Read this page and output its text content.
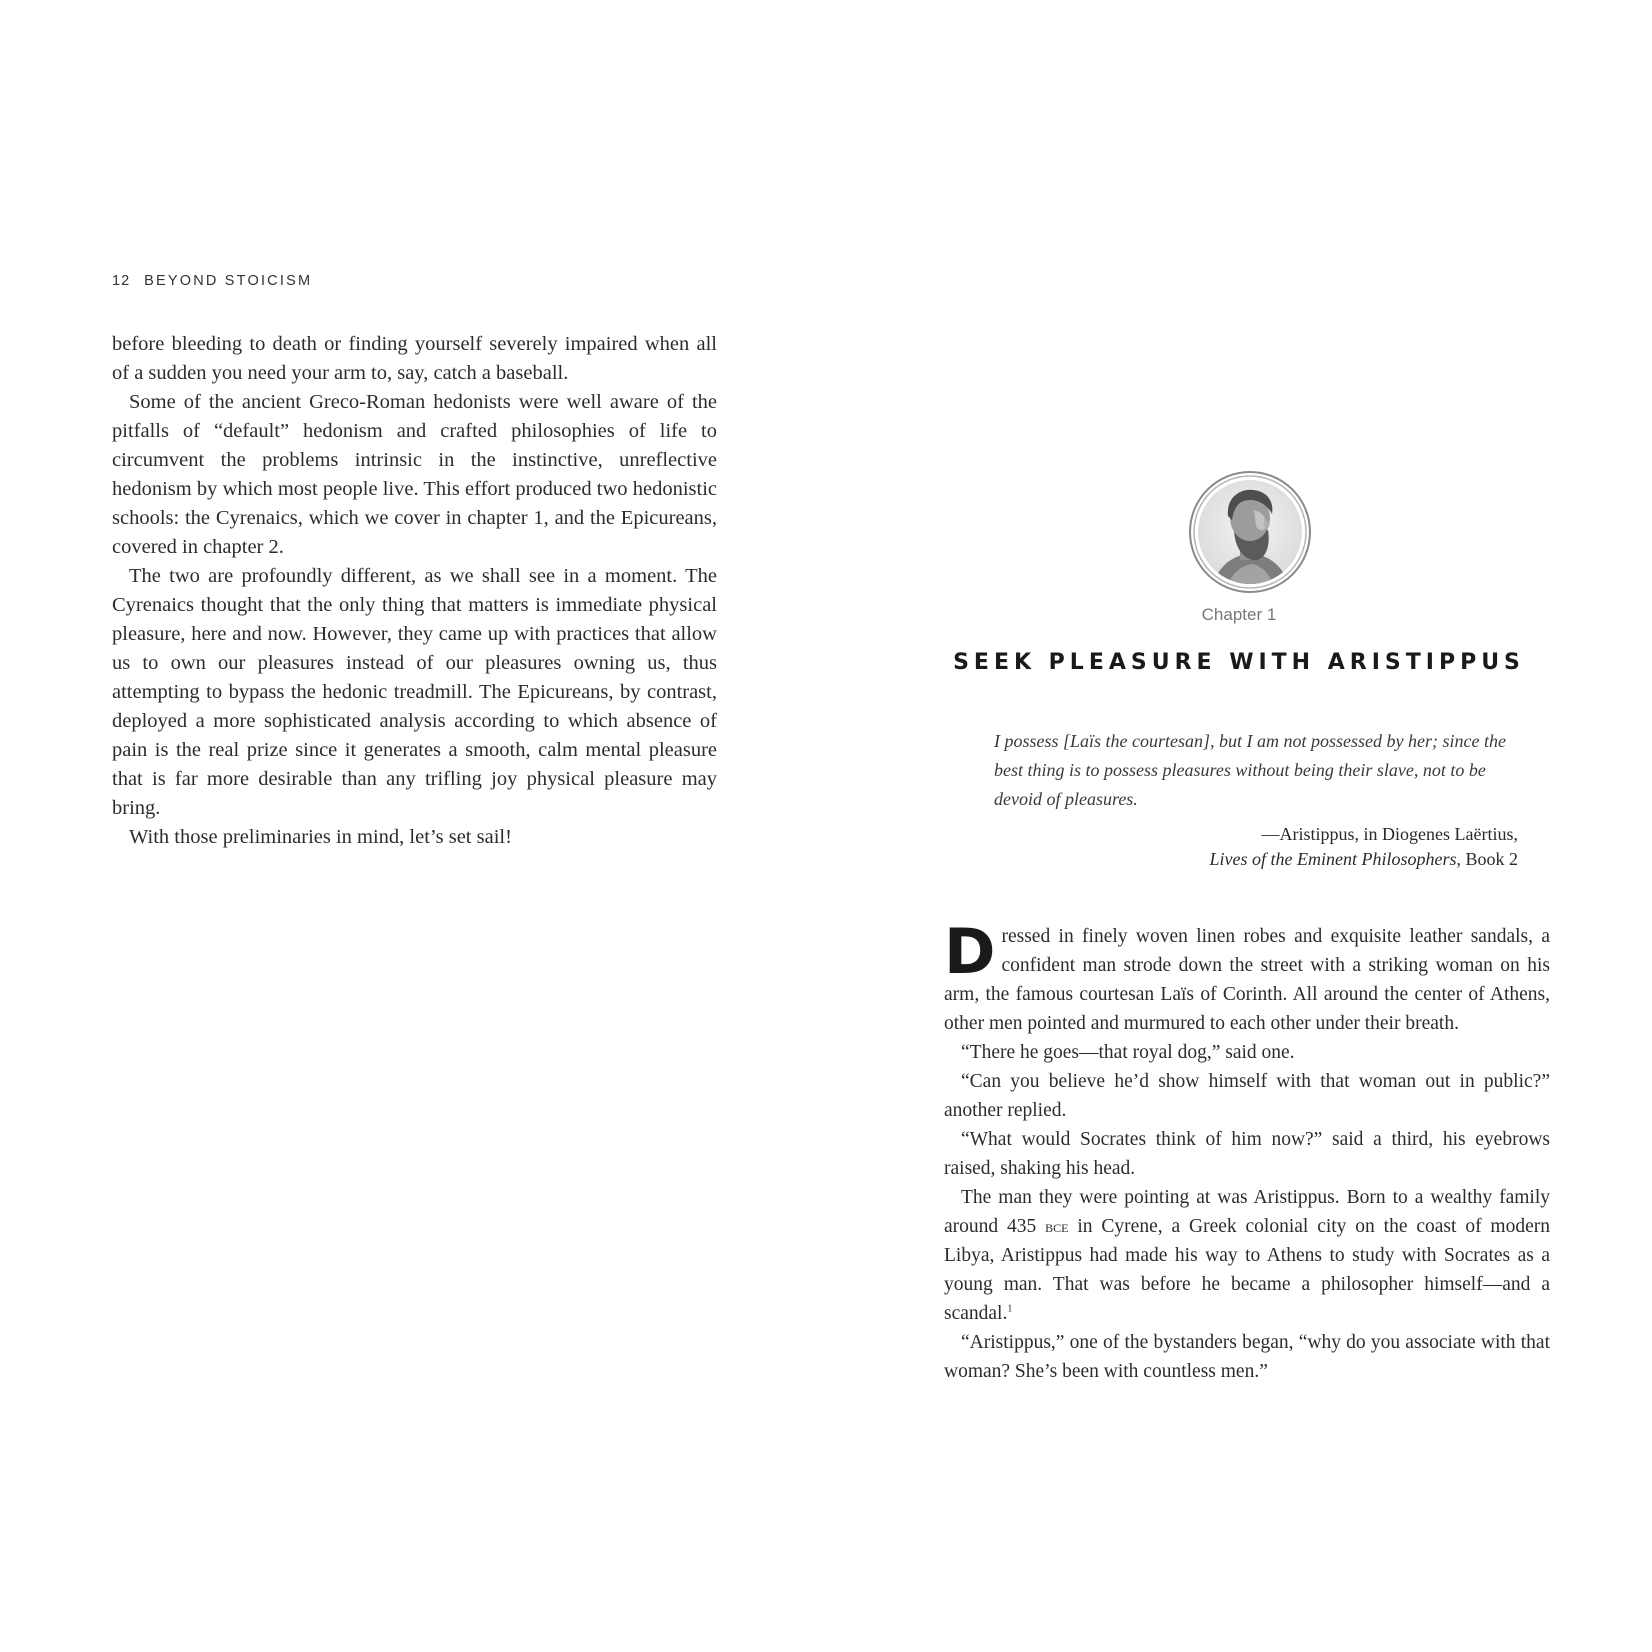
12 BEYOND STOICISM

before bleeding to death or finding yourself severely impaired when all of a sudden you need your arm to, say, catch a baseball.

Some of the ancient Greco-Roman hedonists were well aware of the pitfalls of “default” hedonism and crafted philosophies of life to circumvent the problems intrinsic in the instinctive, unreflective hedonism by which most people live. This effort produced two hedonistic schools: the Cyrenaics, which we cover in chapter 1, and the Epicureans, covered in chapter 2.

The two are profoundly different, as we shall see in a moment. The Cyrenaics thought that the only thing that matters is immediate physical pleasure, here and now. However, they came up with practices that allow us to own our pleasures instead of our pleasures owning us, thus attempting to bypass the hedonic treadmill. The Epicureans, by contrast, deployed a more sophisticated analysis according to which absence of pain is the real prize since it generates a smooth, calm mental pleasure that is far more desirable than any trifling joy physical pleasure may bring.

With those preliminaries in mind, let’s set sail!

Chapter 1
SEEK PLEASURE WITH ARISTIPPUS

I possess [Laïs the courtesan], but I am not possessed by her; since the best thing is to possess pleasures without being their slave, not to be devoid of pleasures.

—Aristippus, in Diogenes Laërtius,
Lives of the Eminent Philosophers, Book 2

Dressed in finely woven linen robes and exquisite leather sandals, a confident man strode down the street with a striking woman on his arm, the famous courtesan Laïs of Corinth. All around the center of Athens, other men pointed and murmured to each other under their breath.

“There he goes—that royal dog,” said one.

“Can you believe he’d show himself with that woman out in public?” another replied.

“What would Socrates think of him now?” said a third, his eyebrows raised, shaking his head.

The man they were pointing at was Aristippus. Born to a wealthy family around 435 bce in Cyrene, a Greek colonial city on the coast of modern Libya, Aristippus had made his way to Athens to study with Socrates as a young man. That was before he became a philosopher himself—and a scandal.$^1$

“Aristippus,” one of the bystanders began, “why do you associate with that woman? She’s been with countless men.”
